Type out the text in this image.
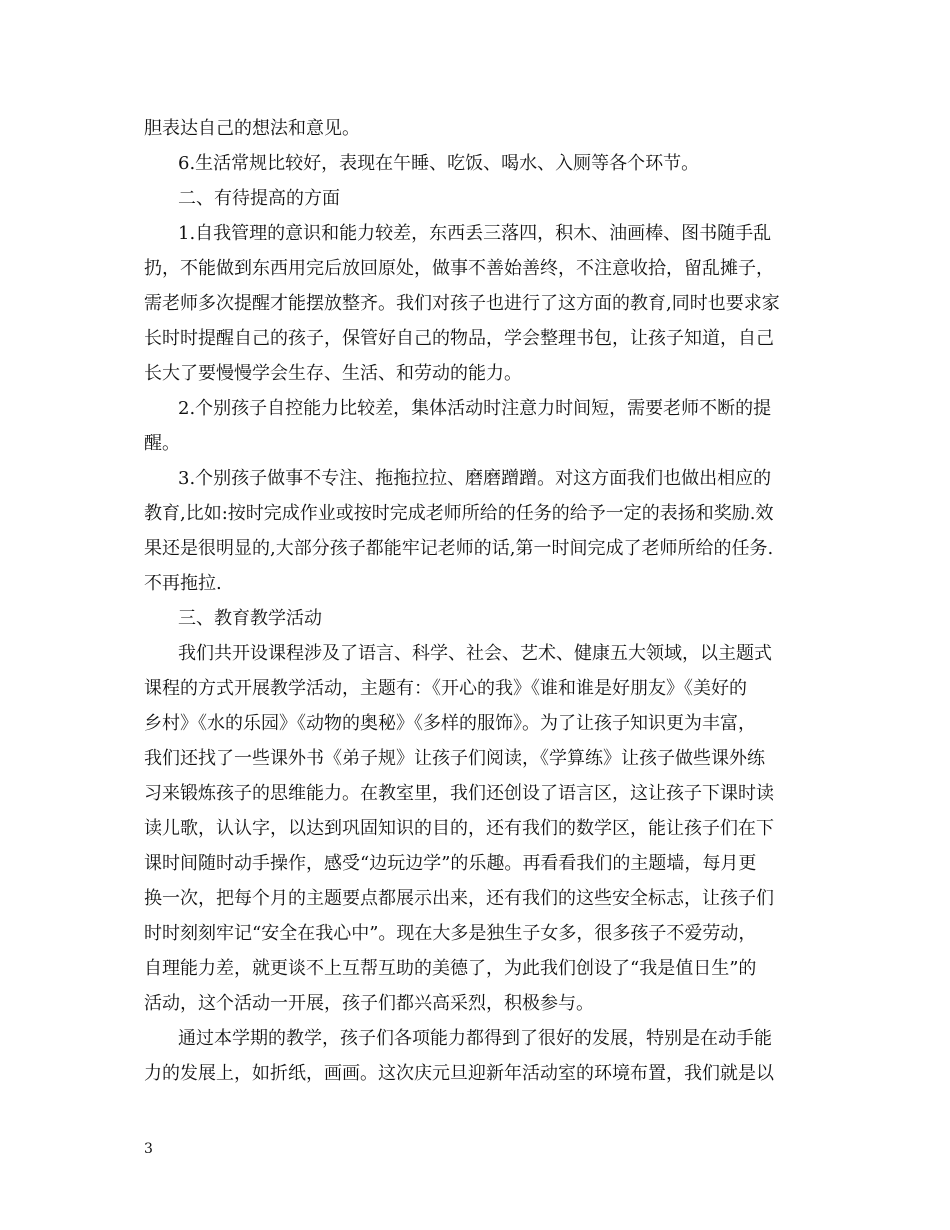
胆表达自己的想法和意见。
6.生活常规比较好，表现在午睡、吃饭、喝水、入厕等各个环节。
二、有待提高的方面
1.自我管理的意识和能力较差，东西丢三落四，积木、油画棒、图书随手乱
扔，不能做到东西用完后放回原处，做事不善始善终，不注意收拾，留乱摊子，
需老师多次提醒才能摆放整齐。我们对孩子也进行了这方面的教育,同时也要求家
长时时提醒自己的孩子，保管好自己的物品，学会整理书包，让孩子知道，自己
长大了要慢慢学会生存、生活、和劳动的能力。
2.个别孩子自控能力比较差，集体活动时注意力时间短，需要老师不断的提
醒。
3.个别孩子做事不专注、拖拖拉拉、磨磨蹭蹭。对这方面我们也做出相应的
教育,比如:按时完成作业或按时完成老师所给的任务的给予一定的表扬和奖励.效
果还是很明显的,大部分孩子都能牢记老师的话,第一时间完成了老师所给的任务.
不再拖拉.
三、教育教学活动
我们共开设课程涉及了语言、科学、社会、艺术、健康五大领域，以主题式
课程的方式开展教学活动，主题有：《开心的我》《谁和谁是好朋友》《美好的
乡村》《水的乐园》《动物的奥秘》《多样的服饰》。为了让孩子知识更为丰富，
我们还找了一些课外书《弟子规》让孩子们阅读，《学算练》让孩子做些课外练
习来锻炼孩子的思维能力。在教室里，我们还创设了语言区，这让孩子下课时读
读儿歌，认认字，以达到巩固知识的目的，还有我们的数学区，能让孩子们在下
课时间随时动手操作，感受“边玩边学”的乐趣。再看看我们的主题墙，每月更
换一次，把每个月的主题要点都展示出来，还有我们的这些安全标志，让孩子们
时时刻刻牢记“安全在我心中”。现在大多是独生子女多，很多孩子不爱劳动，
自理能力差，就更谈不上互帮互助的美德了，为此我们创设了“我是值日生”的
活动，这个活动一开展，孩子们都兴高采烈，积极参与。
通过本学期的教学，孩子们各项能力都得到了很好的发展，特别是在动手能
力的发展上，如折纸，画画。这次庆元旦迎新年活动室的环境布置，我们就是以
3
